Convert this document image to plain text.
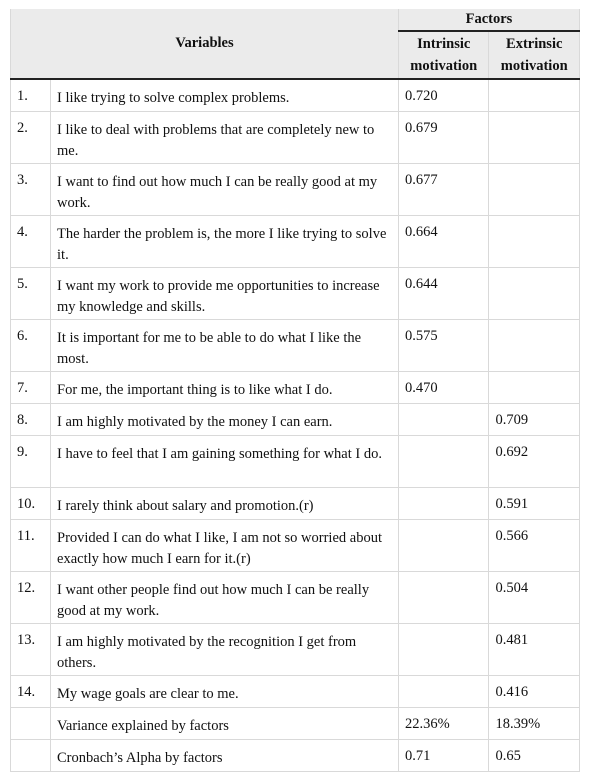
Variables		Factors	
		Intrinsic motivation	Extrinsic motivation
1.	I like trying to solve complex problems.	0.720	
2.	I like to deal with problems that are completely new to me.	0.679	
3.	I want to find out how much I can be really good at my work.	0.677	
4.	The harder the problem is, the more I like trying to solve it.	0.664	
5.	I want my work to provide me opportunities to increase my knowledge and skills.	0.644	
6.	It is important for me to be able to do what I like the most.	0.575	
7.	For me, the important thing is to like what I do.	0.470	
8.	I am highly motivated by the money I can earn.		0.709
9.	I have to feel that I am gaining something for what I do.		0.692
10.	I rarely think about salary and promotion.(r)		0.591
11.	Provided I can do what I like, I am not so worried about exactly how much I earn for it.(r)		0.566
12.	I want other people find out how much I can be really good at my work.		0.504
13.	I am highly motivated by the recognition I get from others.		0.481
14.	My wage goals are clear to me.		0.416
	Variance explained by factors	22.36%	18.39%
	Cronbach’s Alpha by factors	0.71	0.65
